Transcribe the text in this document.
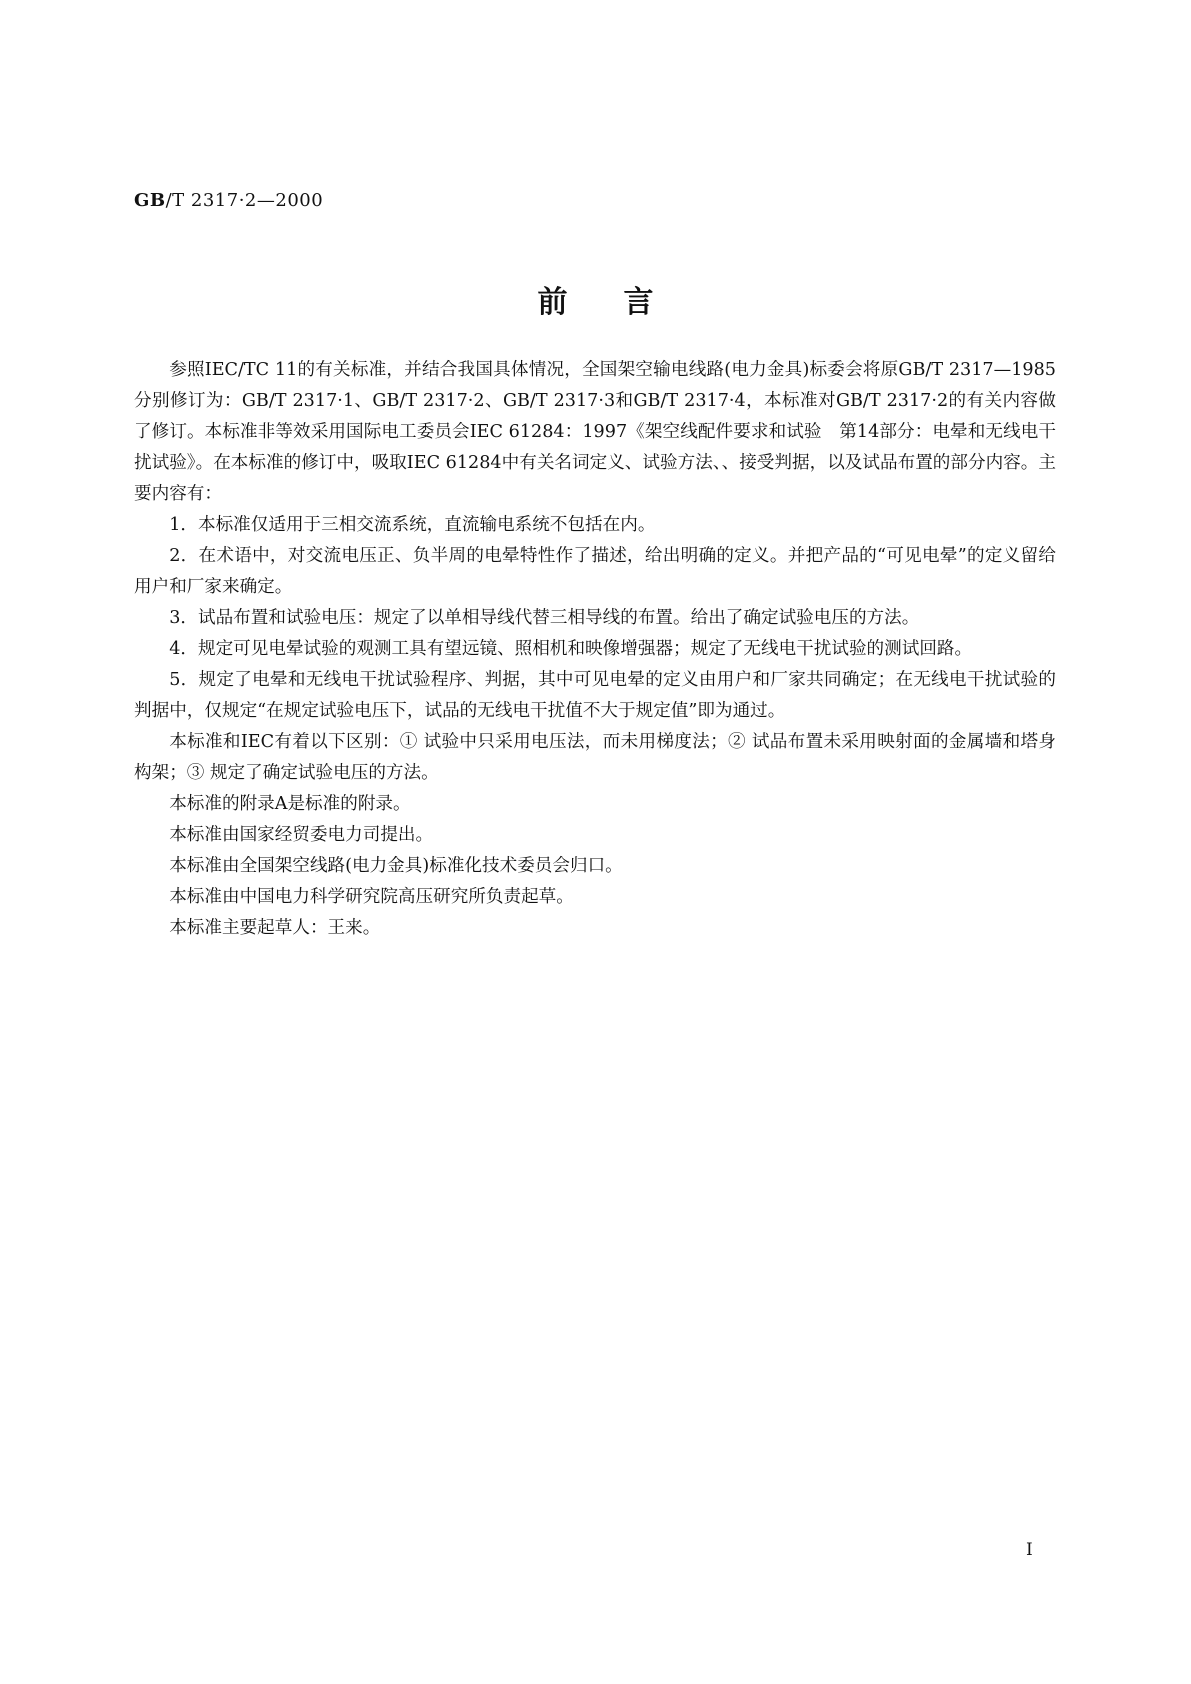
GB/T 2317·2—2000
前言

参照IEC/TC 11的有关标准，并结合我国具体情况，全国架空输电线路(电力金具)标委会将原GB/T 2317—1985分别修订为：GB/T 2317·1、GB/T 2317·2、GB/T 2317·3和GB/T 2317·4，本标准对GB/T 2317·2的有关内容做了修订。本标准非等效采用国际电工委员会IEC 61284：1997《架空线配件要求和试验　第14部分：电晕和无线电干扰试验》。在本标准的修订中，吸取IEC 61284中有关名词定义、试验方法、、接受判据，以及试品布置的部分内容。主要内容有：

1．本标准仅适用于三相交流系统，直流输电系统不包括在内。

2．在术语中，对交流电压正、负半周的电晕特性作了描述，给出明确的定义。并把产品的“可见电晕”的定义留给用户和厂家来确定。

3．试品布置和试验电压：规定了以单相导线代替三相导线的布置。给出了确定试验电压的方法。

4．规定可见电晕试验的观测工具有望远镜、照相机和映像增强器；规定了无线电干扰试验的测试回路。

5．规定了电晕和无线电干扰试验程序、判据，其中可见电晕的定义由用户和厂家共同确定；在无线电干扰试验的判据中，仅规定“在规定试验电压下，试品的无线电干扰值不大于规定值”即为通过。

本标准和IEC有着以下区别：① 试验中只采用电压法，而未用梯度法；② 试品布置未采用映射面的金属墙和塔身构架；③ 规定了确定试验电压的方法。

本标准的附录A是标准的附录。

本标准由国家经贸委电力司提出。

本标准由全国架空线路(电力金具)标准化技术委员会归口。

本标准由中国电力科学研究院高压研究所负责起草。

本标准主要起草人：王来。

I
